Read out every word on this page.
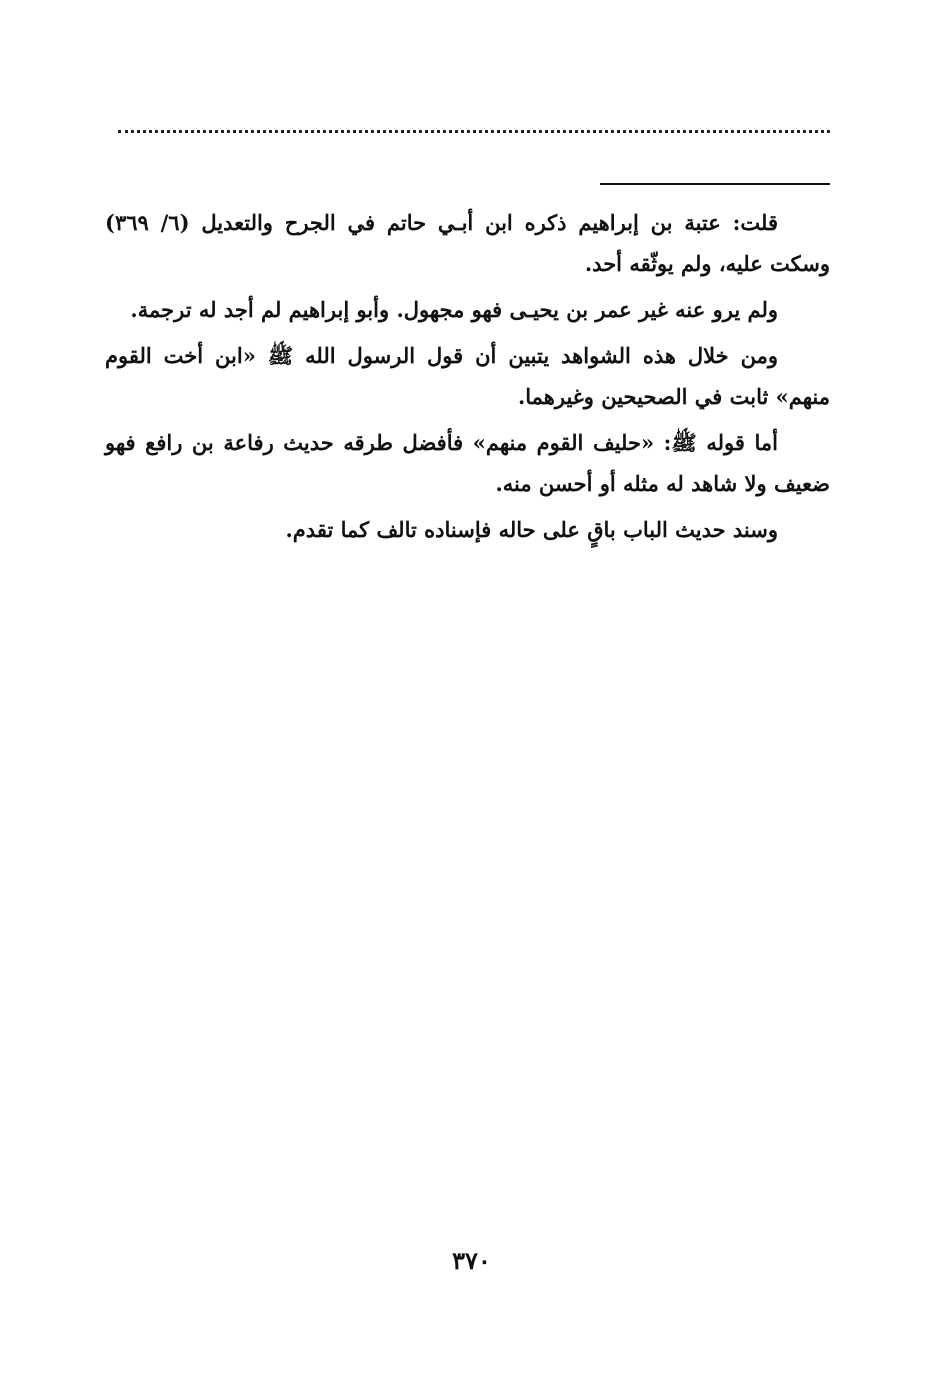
قلت: عتبة بن إبراهيم ذكره ابن أبـي حاتم في الجرح والتعديل (٦/ ٣٦٩) وسكت عليه، ولم يوثّقه أحد.

ولم يرو عنه غير عمر بن يحيـى فهو مجهول. وأبو إبراهيم لم أجد له ترجمة.

ومن خلال هذه الشواهد يتبين أن قول الرسول الله ﷺ «ابن أخت القوم منهم» ثابت في الصحيحين وغيرهما.

أما قوله ﷺ: «حليف القوم منهم» فأفضل طرقه حديث رفاعة بن رافع فهو ضعيف ولا شاهد له مثله أو أحسن منه.

وسند حديث الباب باقٍ على حاله فإسناده تالف كما تقدم.

٣٧٠
